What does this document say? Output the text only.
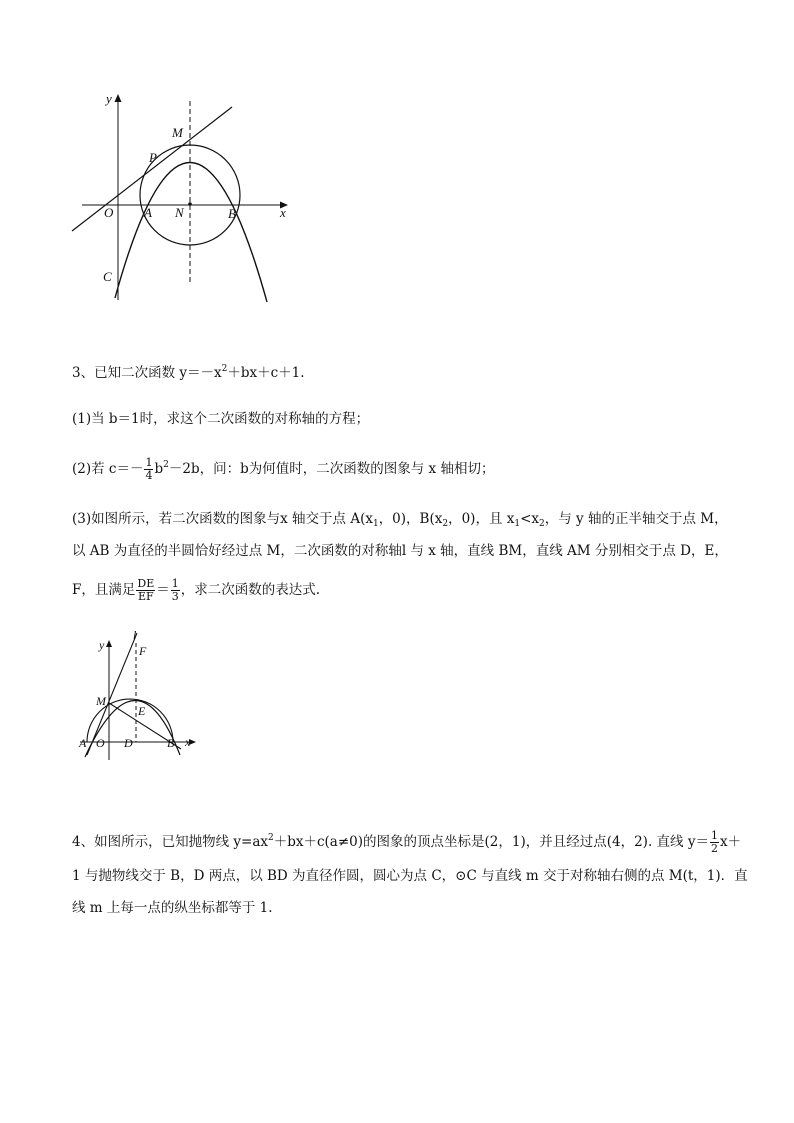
y
x
O A N	B
P
M
C
3、已知二次函数 $y=-x^2+bx+c+1$.
(1)当 b＝1时，求这个二次函数的对称轴的方程；
(2)若 $c=- \frac{1}{4} b^2-2b$，问：b为何值时，二次函数的图象与 x 轴相切；
(3)如图所示，若二次函数的图象与x 轴交于点 $A(x_1$，0)，$B(x_2$，0)，且 $x_1<x_2$，与 y 轴的正半轴交于点 M，
以 AB 为直径的半圆恰好经过点 M，二次函数的对称轴l 与 x 轴，直线 BM，直线 AM 分别相交于点 D，E，
F，且满足 $\frac{DE}{EF} = \frac{1}{3}$ ，求二次函数的表达式.
y
l
F
M
E
A O D	B x
4、如图所示，已知抛物线 $y=ax^2+bx+c(a\ne 0)$的图象的顶点坐标是(2，1)，并且经过点(4，2). 直线 $y= \frac{1}{2} x+$
1 与抛物线交于 B，D 两点，以 BD 为直径作圆，圆心为点 C，⊙C 与直线 m 交于对称轴右侧的点 M(t，1)．直
线 m 上每一点的纵坐标都等于 1.
